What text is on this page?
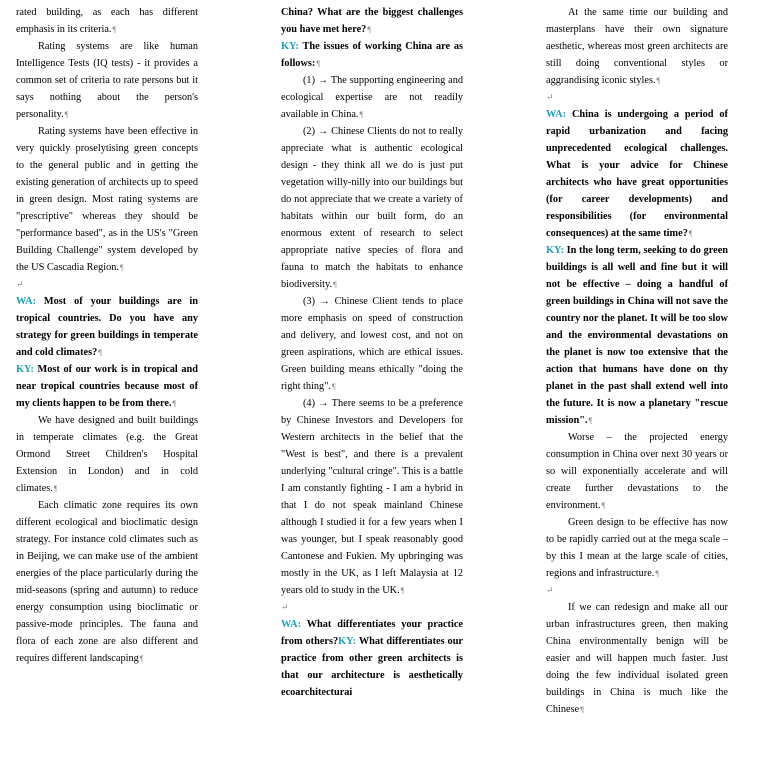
rated building, as each has different emphasis in its criteria.¶

Rating systems are like human Intelligence Tests (IQ tests) - it provides a common set of criteria to rate persons but it says nothing about the person's personality.¶

Rating systems have been effective in very quickly proselytising green concepts to the general public and in getting the existing generation of architects up to speed in green design. Most rating systems are "prescriptive" whereas they should be "performance based", as in the US's "Green Building Challenge" system developed by the US Cascadia Region.¶

↵

WA: Most of your buildings are in tropical countries. Do you have any strategy for green buildings in temperate and cold climates?¶

KY: Most of our work is in tropical and near tropical countries because most of my clients happen to be from there.¶

We have designed and built buildings in temperate climates (e.g. the Great Ormond Street Children's Hospital Extension in London) and in cold climates.¶

Each climatic zone requires its own different ecological and bioclimatic design strategy. For instance cold climates such as in Beijing, we can make use of the ambient energies of the place particularly during the mid-seasons (spring and autumn) to reduce energy consumption using bioclimatic or passive-mode principles. The fauna and flora of each zone are also different and requires different landscaping¶

China? What are the biggest challenges you have met here?¶

KY: The issues of working China are as follows:¶

(1) → The supporting engineering and ecological expertise are not readily available in China.¶

(2) → Chinese Clients do not to really appreciate what is authentic ecological design - they think all we do is just put vegetation willy-nilly into our buildings but do not appreciate that we create a variety of habitats within our built form, do an enormous extent of research to select appropriate native species of flora and fauna to match the habitats to enhance biodiversity.¶

(3) → Chinese Client tends to place more emphasis on speed of construction and delivery, and lowest cost, and not on green aspirations, which are ethical issues. Green building means ethically "doing the right thing".¶

(4) → There seems to be a preference by Chinese Investors and Developers for Western architects in the belief that the "West is best", and there is a prevalent underlying "cultural cringe". This is a battle I am constantly fighting - I am a hybrid in that I do not speak mainland Chinese although I studied it for a few years when I was younger, but I speak reasonably good Cantonese and Fukien. My upbringing was mostly in the UK, as I left Malaysia at 12 years old to study in the UK.¶

↵

WA: What differentiates your practice from others?KY: What differentiates our practice from other green architects is that our architecture is aesthetically ecoarchitecturai

At the same time our building and masterplans have their own signature aesthetic, whereas most green architects are still doing conventional styles or aggrandising iconic styles.¶

↵

WA: China is undergoing a period of rapid urbanization and facing unprecedented ecological challenges. What is your advice for Chinese architects who have great opportunities (for career developments) and responsibilities (for environmental consequences) at the same time?¶

KY: In the long term, seeking to do green buildings is all well and fine but it will not be effective – doing a handful of green buildings in China will not save the country nor the planet. It will be too slow and the environmental devastations on the planet is now too extensive that the action that humans have done on thy planet in the past shall extend well into the future. It is now a planetary "rescue mission".¶

Worse – the projected energy consumption in China over next 30 years or so will exponentially accelerate and will create further devastations to the environment.¶

Green design to be effective has now to be rapidly carried out at the mega scale – by this I mean at the large scale of cities, regions and infrastructure.¶

↵

If we can redesign and make all our urban infrastructures green, then making China environmentally benign will be easier and will happen much faster. Just doing the few individual isolated green buildings in China is much like the Chinese¶
